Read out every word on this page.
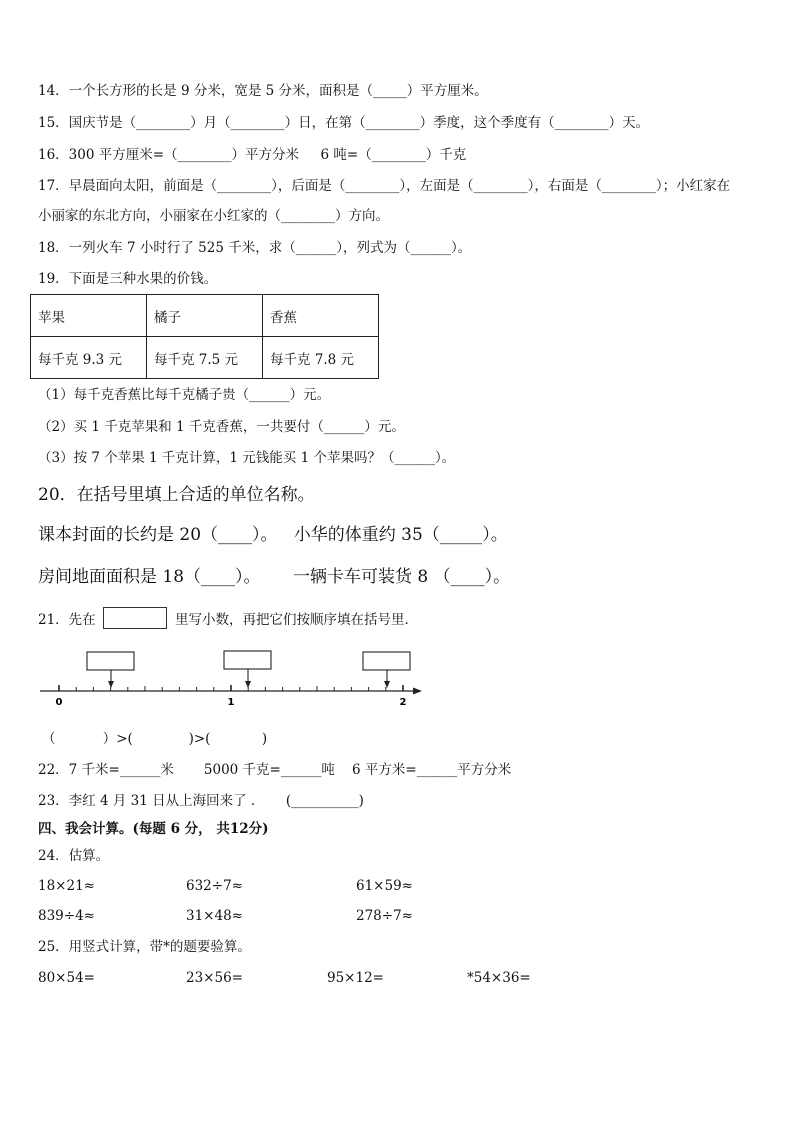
14．一个长方形的长是 9 分米，宽是 5 分米，面积是（_____）平方厘米。
15．国庆节是（________）月（________）日，在第（________）季度，这个季度有（________）天。
16．300 平方厘米=（________）平方分米     6 吨=（________）千克
17．早晨面向太阳，前面是（________），后面是（________），左面是（________），右面是（________）；小红家在
小丽家的东北方向，小丽家在小红家的（________）方向。
18．一列火车 7 小时行了 525 千米，求（______），列式为（______）。
19．下面是三种水果的价钱。
苹果	橘子	香蕉
每千克 9.3 元	每千克 7.5 元	每千克 7.8 元
（1）每千克香蕉比每千克橘子贵（______）元。
（2）买 1 千克苹果和 1 千克香蕉，一共要付（______）元。
（3）按 7 个苹果 1 千克计算，1 元钱能买 1 个苹果吗？（______）。
20．在括号里填上合适的单位名称。
课本封面的长约是 20（____）。   小华的体重约 35（_____）。
房间地面面积是 18（____）。      一辆卡车可装货 8 （____）。
21．先在	里写小数，再把它们按顺序填在括号里．
0	1	2
（           ）>(             )>(            )
22．7 千米=______米       5000 千克=______吨    6 平方米=______平方分米
23．李红 4 月 31 日从上海回来了 ．     (__________)
四、我会计算。(每题 6 分， 共12分)
24．估算。
18×21≈	632÷7≈	61×59≈
839÷4≈	31×48≈	278÷7≈
25．用竖式计算，带*的题要验算。
80×54=	23×56=	95×12=	*54×36=
